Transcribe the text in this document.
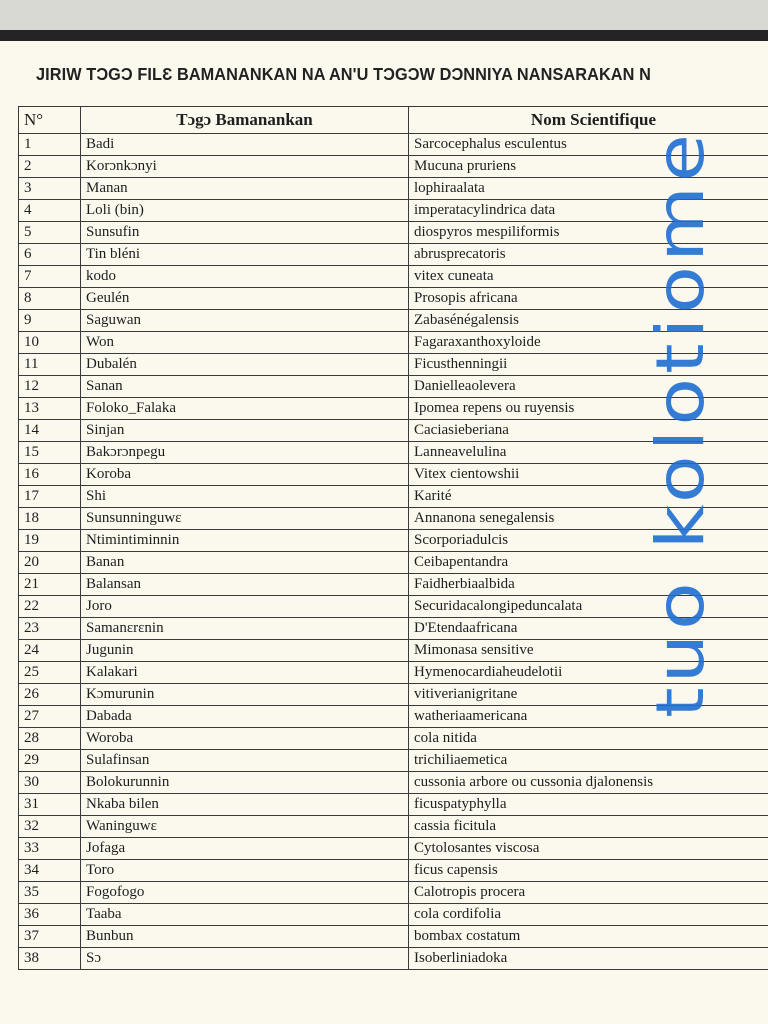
JIRIW TƆGƆ FILƐ BAMANANKAN NA AN'U TƆGƆW DƆNNIYA NANSARAKAN N
N°	Tɔgɔ Bamanankan	Nom Scientifique
1	Badi	Sarcocephalus esculentus
2	Korɔnkɔnyi	Mucuna pruriens
3	Manan	lophiraalata
4	Loli (bin)	imperatacylindrica data
5	Sunsufin	diospyros mespiliformis
6	Tin bléni	abrusprecatoris
7	kodo	vitex cuneata
8	Geulén	Prosopis africana
9	Saguwan	Zabasénégalensis
10	Won	Fagaraxanthoxyloide
11	Dubalén	Ficusthenningii
12	Sanan	Danielleaolevera
13	Foloko_Falaka	Ipomea repens ou ruyensis
14	Sinjan	Caciasieberiana
15	Bakɔrɔnpegu	Lanneavelulina
16	Koroba	Vitex cientowshii
17	Shi	Karité
18	Sunsunninguwɛ	Annanona senegalensis
19	Ntimintiminnin	Scorporiadulcis
20	Banan	Ceibapentandra
21	Balansan	Faidherbiaalbida
22	Joro	Securidacalongipeduncalata
23	Samanɛrɛnin	D'Etendaafricana
24	Jugunin	Mimonasa sensitive
25	Kalakari	Hymenocardiaheudelotii
26	Kɔmurunin	vitiverianigritane
27	Dabada	watheriaamericana
28	Woroba	cola nitida
29	Sulafinsan	trichiliaemetica
30	Bolokurunnin	cussonia arbore ou cussonia djalonensis
31	Nkaba bilen	ficuspatyphylla
32	Waninguwɛ	cassia ficitula
33	Jofaga	Cytolosantes viscosa
34	Toro	ficus capensis
35	Fogofogo	Calotropis procera
36	Taaba	cola cordifolia
37	Bunbun	bombax costatum
38	Sɔ	Isoberliniadoka
tuo kolotiome
